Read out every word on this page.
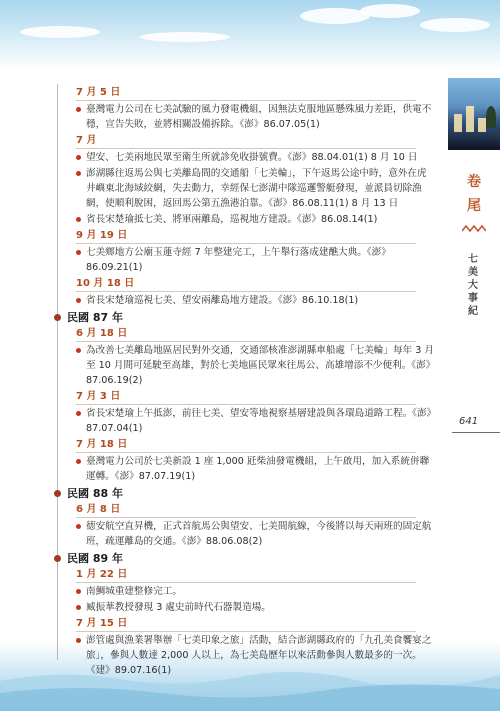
7 月 5 日
臺灣電力公司在七美試驗的風力發電機組，因無法克服地區懸殊風力差距，供電不穩，宣告失敗，並將相關設備拆除。《澎》86.07.05(1)
7 月
望安、七美兩地民眾至衛生所就診免收掛號費。《澎》88.04.01(1) 8 月 10 日
澎湖縣往返馬公與七美離島間的交通船「七美輪」，下午返馬公途中時，意外在虎井嶼東北海域絞網，失去動力，幸經保七澎湖中隊巡邏警艇發現，並派員切除漁網，使順利脫困，返回馬公第五漁港泊靠。《澎》86.08.11(1) 8 月 13 日
省長宋楚瑜抵七美、將軍兩離島，巡視地方建設。《澎》86.08.14(1)
9 月 19 日
七美鄉地方公廟玉蓮寺經 7 年整建完工，上午舉行落成建醮大典。《澎》86.09.21(1)
10 月 18 日
省長宋楚瑜巡視七美、望安兩離島地方建設。《澎》86.10.18(1)
民國 87 年
6 月 18 日
為改善七美離島地區居民對外交通，交通部核准澎湖縣車船處「七美輪」每年 3 月至 10 月間可延駛至高雄，對於七美地區民眾來往馬公、高雄增添不少便利。《澎》87.06.19(2)
7 月 3 日
省長宋楚瑜上午抵澎，前往七美、望安等地視察基層建設與各環島道路工程。《澎》87.07.04(1)
7 月 18 日
臺灣電力公司於七美新設 1 座 1,000 瓩柴油發電機組，上午啟用，加入系統併聯運轉。《澎》87.07.19(1)
民國 88 年
6 月 8 日
德安航空直昇機，正式首航馬公與望安、七美間航線，今後將以每天兩班的固定航班，疏運離島的交通。《澎》88.06.08(2)
民國 89 年
1 月 22 日
南鯛城重建整修完工。
臧振華教授發現 3 處史前時代石器製造場。
7 月 15 日
澎管處與漁業署舉辦「七美印象之旅」活動，結合澎湖縣政府的「九孔美食饗宴之旅」，參與人數達 2,000 人以上，為七美島歷年以來活動參與人數最多的一次。《建》89.07.16(1)
卷
尾
七
美
大
事
紀
641
